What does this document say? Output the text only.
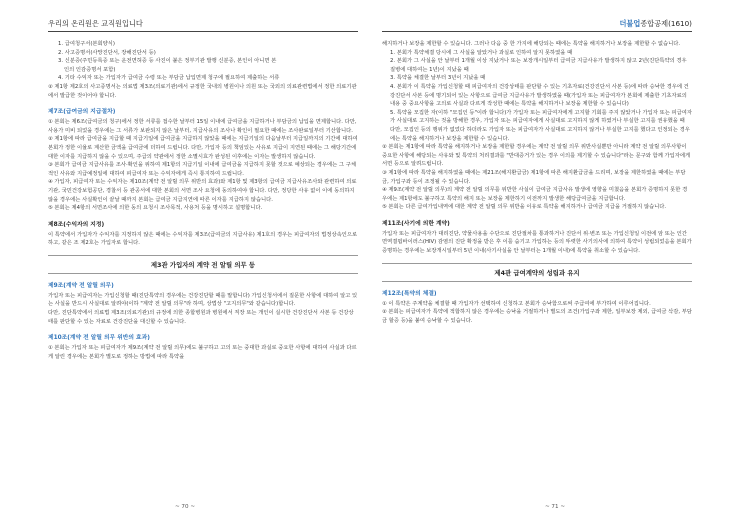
우리의 온리원은 교직원입니다

1. 급여청구서(본회양식)

2. 사고증명서(사망진단서, 장해진단서 등)

3. 신분증(주민등록증 또는 운전면허증 등 사진이 붙은 정부기관 발행 신분증, 본인이 아니면 본

인의 인감증명서 포함)

4. 기타 수익자 또는 가입자가 급여금 수령 또는 부담금 납입면제 청구에 필요하여 제출하는 서류

② 제1항 제2호의 사고증명서는 의료법 제3조(의료기관)에서 규정한 국내의 병원이나 의원 또는 국외의 의료관련법에서 정한 의료기관에서 발급한 것이어야 합니다.

제7조(급여금의 지급절차)

① 본회는 제6조(급여금의 청구)에서 정한 서류를 접수한 날부터 15일 이내에 급여금을 지급하거나 부담금의 납입을 면제합니다. 다만, 사용가 미비 되었을 경우에는 그 서류가 보완되지 않은 날부터, 지급사유의 조사나 확인이 필요한 때에는 조사완료일부터 기산합니다.

② 제1항에 따라 급여금을 지급할 때 지급기일에 급여금을 지급하지 않았을 때에는 지급기일의 다음날부터 지급일까지의 기간에 대하여 본회가 정한 이율로 계산한 금액을 급여금에 더하여 드립니다. 다만, 가입자 등의 책임있는 사유로 지급이 지연된 때에는 그 해당기간에 대한 이자를 지급하지 않을 수 있으며, 주급의 약관에서 정한 소멸시효가 완성된 이후에는 이자는 발생하지 않습니다.

③ 본회가 급여금 지급사유를 조사·확인을 위하여 제1항의 지급기일 이내에 급여금을 지급하지 못할 것으로 예상되는 경우에는 그 구체적인 사유와 지급예정일에 대하여 피급여자 또는 수익자에게 즉시 통지하여 드립니다.

④ 가입자, 피급여자 또는 수익자는 제10조(계약 전 알릴 의무 위반의 효과)와 제1항 및 제3항의 급여금 지급사유조사와 관련하여 의료기관, 국민건강보험공단, 경찰서 등 관공서에 대한 본회의 서면 조사 요청에 동의하여야 합니다. 다만, 정당한 사유 없이 이에 동의하지 않을 경우에는 사실확인이 끝날 때까지 본회는 급여금 지급지연에 따른 이자를 지급하지 않습니다.

⑤ 본회는 제4항의 서면조사에 의한 동의 요청시 조사목적, 사용처 등을 명시하고 설명합니다.

제8조(수익자의 지정)

이 특약에서 가입자가 수익자를 지정하지 않은 때에는 수익자를 제3조(급여금의 지급사유) 제1호의 경우는 피급여자의 법정상속인으로 하고, 같은 조 제2호는 가입자로 합니다.

제3관 가입자의 계약 전 알릴 의무 등
제9조(계약 전 알릴 의무)

가입자 또는 피급여자는 가입신청할 때(진단특약의 경우에는 건강진단할 때를 말합니다) 가입신청서에서 질문한 사항에 대하여 알고 있는 사실을 반드시 사실대로 알려야(이하 "계약 전 알릴 의무"라 하며, 상법상 "고지의무"와 같습니다)합니다.

다만, 진단특약에서 의료법 제3조(의료기관)의 규정에 의한 종합병원과 병원에서 직장 또는 개인이 실시한 건강진단서 사본 등 건강상태를 판단할 수 있는 자료로 건강진단을 대신할 수 있습니다.

제10조(계약 전 알릴 의무 위반의 효과)

① 본회는 가입자 또는 피급여자가 제9조(계약 전 알릴 의무)에도 불구하고 고의 또는 중대한 과실로 중요한 사항에 대하여 사실과 다르게 알린 경우에는 본회가 별도로 정하는 방법에 따라 특약을

~ 70 ~
더불업종합공제(1610)

해지하거나 보장을 제한할 수 있습니다. 그러나 다음 중 한 가지에 해당되는 때에는 특약을 해지하거나 보장을 제한할 수 없습니다.

1. 본회가 특약체결 당시에 그 사실을 알았거나 과실로 인하여 알지 못하였을 때

2. 본회가 그 사실을 안 날부터 1개월 이상 지났거나 또는 보장개시일부터 급여금 지급사유가 발생하지 않고 2년(진단특약의 경우 질병에 대하여는 1년)이 지났을 때

3. 특약을 체결한 날부터 3년이 지났을 때

4. 본회가 이 특약을 가입신청할 때 피급여자의 건강상태를 판단할 수 있는 기초자료(건강진단서 사본 등)에 따라 승낙한 경우에 건강진단서 사본 등에 명기되어 있는 사항으로 급여금 지급사유가 발생하였을 때(가입자 또는 피급여자가 본회에 제출한 기초자료의 내용 중 중요사항을 고의로 사실과 다르게 작성한 때에는 특약을 해지하거나 보장을 제한할 수 있습니다)

5. 특약을 모집한 자(이하 "모집인 등"이라 합니다)가 가입자 또는 피급여자에게 고지할 기회를 주지 않았거나 가입자 또는 피급여자가 사실대로 고지하는 것을 방해한 경우, 가입자 또는 피급여자에게 사실대로 고지하지 않게 하였거나 부실한 고지를 권유했을 때

다만, 모집인 등의 행위가 없었다 하더라도 가입자 또는 피급여자가 사실대로 고지하지 않거나 부실한 고지를 했다고 인정되는 경우에는 특약을 해지하거나 보장을 제한할 수 있습니다.

② 본회는 제1항에 따라 특약을 해지하거나 보장을 제한할 경우에는 계약 전 알릴 의무 위반사실뿐만 아니라 계약 전 알릴 의무사항이 중요한 사항에 해당되는 사유와 및 특약의 처리결과를 "반대증거가 있는 경우 이의를 제기할 수 있습니다"라는 문구와 함께 가입자에게 서면 등으로 알려드립니다.

③ 제1항에 따라 특약을 해지하였을 때에는 제21조(해지환급금) 제1항에 따른 해지환급금을 드리며, 보장을 제한하였을 때에는 부담금, 가입구좌 등이 조정될 수 있습니다.

④ 제9조(계약 전 알릴 의무)의 계약 전 알릴 의무를 위반한 사실이 급여금 지급사유 발생에 영향을 미쳤음을 본회가 증명하지 못한 경우에는 제1항에도 불구하고 특약의 해지 또는 보장을 제한하기 이전까지 발생한 해당급여금을 지급합니다.

⑤ 본회는 다른 급여가입내역에 대한 계약 전 알릴 의무 위반을 이유로 특약을 해지하거나 급여금 지급을 거절하지 않습니다.

제11조(사기에 의한 계약)

가입자 또는 피급여자가 대리진단, 약물사용을 수단으로 진단절차를 통과하거나 진단서 위·변조 또는 가입신청일 이전에 암 또는 인간면역결핍바이러스(HIV) 감염의 진단 확정을 받은 후 이를 숨기고 가입하는 등의 뚜렷한 사기의사에 의하여 특약이 성립되었음을 본회가 증명하는 경우에는 보장개시일부터 5년 이내(사기사실을 안 날부터는 1개월 이내)에 특약을 취소할 수 있습니다.

제4관 급여계약의 성립과 유지
제12조(특약의 체결)

① 이 특약은 주계약을 체결할 때 가입자가 선택하여 신청하고 본회가 승낙함으로써 주급여에 부가하여 이루어집니다.

② 본회는 피급여자가 특약에 적합하지 않은 경우에는 승낙을 거절하거나 별도의 조건(가입구좌 제한, 일부보장 제외, 급여금 삭감, 부담금 할증 등)을 붙여 승낙할 수 있습니다.

~ 71 ~
